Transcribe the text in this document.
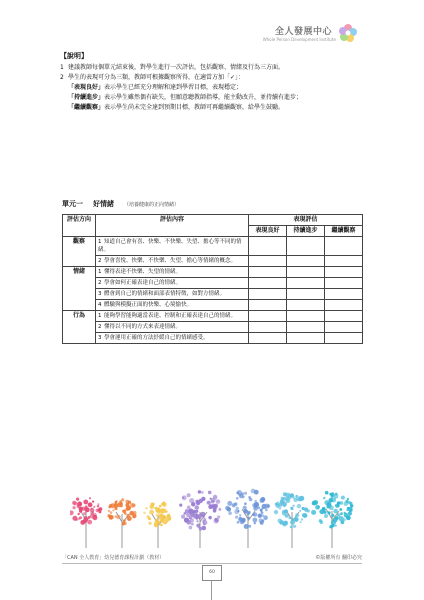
全人發展中心
Whole Person Development Institute
【說明】
1 建議教師每個單元結束後，對學生進行一次評估，包括觀察、情緒及行為三方面。
2 學生的表現可分為三類，教師可根據觀察所得，在適當方加「✓」：
「表現良好」表示學生已經充分理解和達到學習目標，表現穩定；
「持續進步」表示學生雖然偶有缺失，但願意聽教師指導，能主動改升，並持續有進步；
「繼續觀察」表示學生尚未完全達到預期目標，教師可再繼續觀察，給學生鼓勵。
單元一 好情緒 （培養健康的正向情緒）
評估方向	評估內容	表現評估		
		表現良好	持續進步	繼續觀察
觀察	1 知道自己會有喜、快樂、不快樂、失望、擔心等不同的情緒。			
	2 學會喜悅、快樂、不快樂、失望、擔心等情緒的概念。			
情緒	1 懂得表達不快樂、失望的情緒。			
	2 學會如何正確表達自己的情緒。			
	3 體會到自己的情緒和面部表情特徵，如對方情緒。			
	4 體驗與模擬正面的快樂、心境愉快。			
行為	1 能夠學習能夠適當表達、控制和正確表達自己的情緒。			
	2 懂得以不同的方式來表達情緒。			
	3 學會運用正確的方法紓緩自己的情緒感受。			
「CAN 全人教育」幼兒德育課程計劃（教材）	©版權所有 翻印必究
60
